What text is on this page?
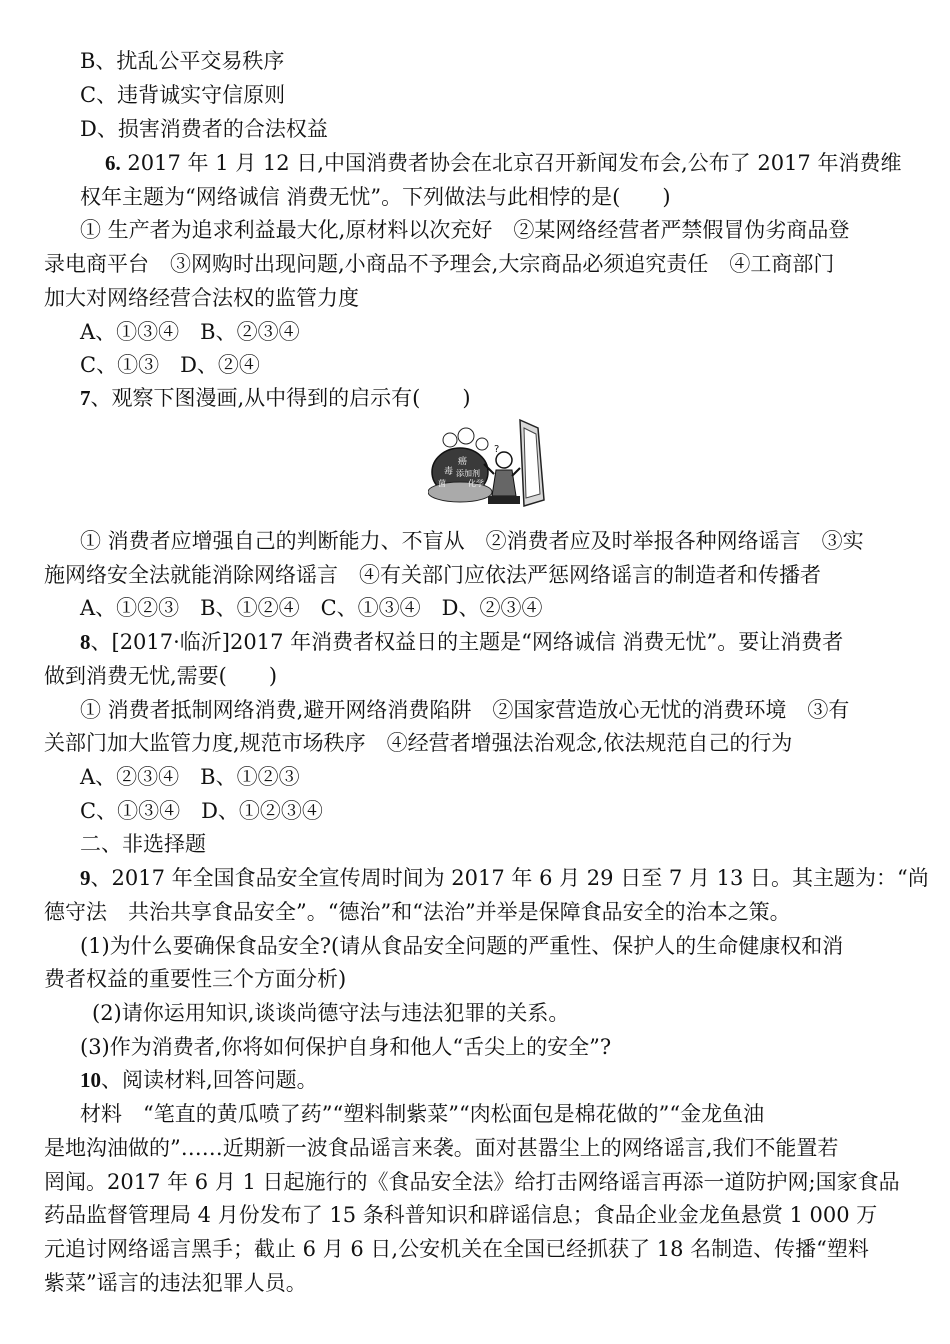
B、扰乱公平交易秩序
C、违背诚实守信原则
D、损害消费者的合法权益
6. 2017 年 1 月 12 日,中国消费者协会在北京召开新闻发布会,公布了 2017 年消费维
权年主题为“网络诚信 消费无忧”。下列做法与此相悖的是(　　)
① 生产者为追求利益最大化,原材料以次充好　②某网络经营者严禁假冒伪劣商品登
录电商平台　③网购时出现问题,小商品不予理会,大宗商品必须追究责任　④工商部门
加大对网络经营合法权的监管力度
A、①③④　B、②③④
C、①③　D、②④
7、观察下图漫画,从中得到的启示有(　　)
毒
癌
添加剂
化学
菌
?
① 消费者应增强自己的判断能力、不盲从　②消费者应及时举报各种网络谣言　③实
施网络安全法就能消除网络谣言　④有关部门应依法严惩网络谣言的制造者和传播者
A、①②③　B、①②④　C、①③④　D、②③④
8、[2017·临沂]2017 年消费者权益日的主题是“网络诚信 消费无忧”。要让消费者
做到消费无忧,需要(　　)
① 消费者抵制网络消费,避开网络消费陷阱　②国家营造放心无忧的消费环境　③有
关部门加大监管力度,规范市场秩序　④经营者增强法治观念,依法规范自己的行为
A、②③④　B、①②③
C、①③④　D、①②③④
二、非选择题
9、2017 年全国食品安全宣传周时间为 2017 年 6 月 29 日至 7 月 13 日。其主题为：“尚
德守法　共治共享食品安全”。“德治”和“法治”并举是保障食品安全的治本之策。
(1)为什么要确保食品安全?(请从食品安全问题的严重性、保护人的生命健康权和消
费者权益的重要性三个方面分析)
(2)请你运用知识,谈谈尚德守法与违法犯罪的关系。
(3)作为消费者,你将如何保护自身和他人“舌尖上的安全”?
10、阅读材料,回答问题。
材料　“笔直的黄瓜喷了药”“塑料制紫菜”“肉松面包是棉花做的”“金龙鱼油
是地沟油做的”……近期新一波食品谣言来袭。面对甚嚣尘上的网络谣言,我们不能置若
罔闻。2017 年 6 月 1 日起施行的《食品安全法》给打击网络谣言再添一道防护网;国家食品
药品监督管理局 4 月份发布了 15 条科普知识和辟谣信息；食品企业金龙鱼悬赏 1 000 万
元追讨网络谣言黑手；截止 6 月 6 日,公安机关在全国已经抓获了 18 名制造、传播“塑料
紫菜”谣言的违法犯罪人员。
